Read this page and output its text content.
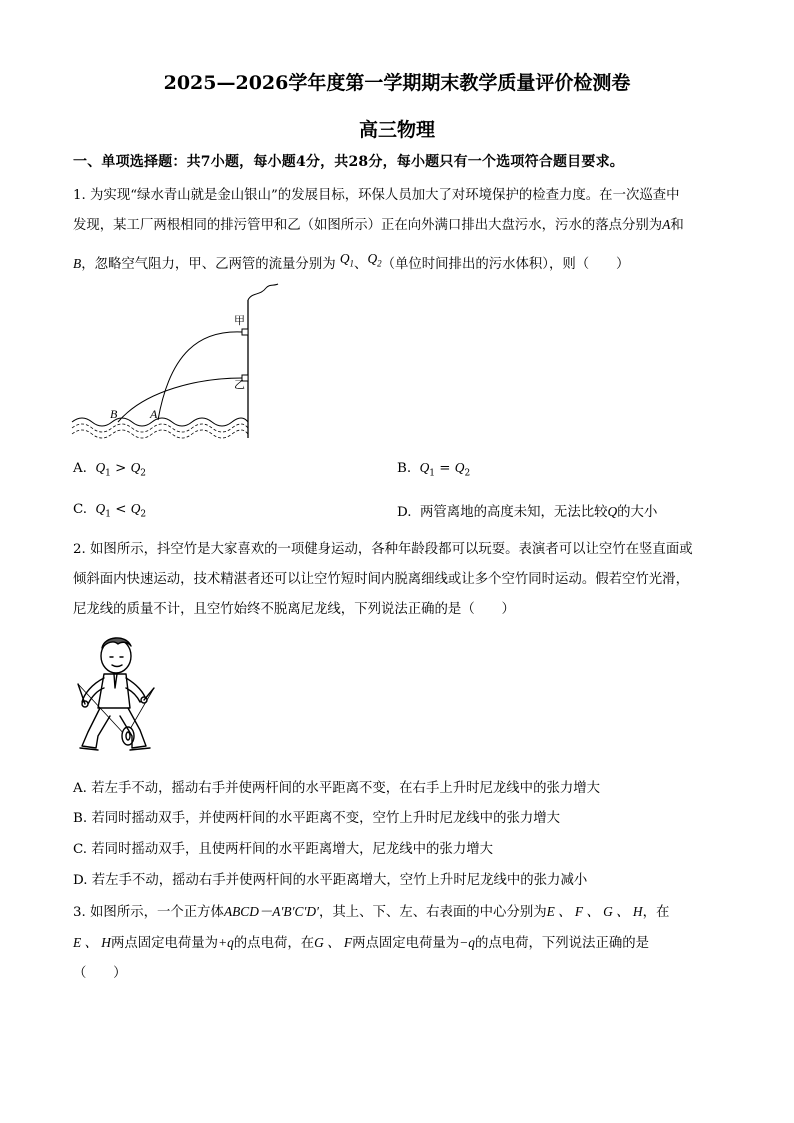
2025—2026学年度第一学期期末教学质量评价检测卷
高三物理
一、单项选择题：共7小题，每小题4分，共28分，每小题只有一个选项符合题目要求。
1. 为实现“绿水青山就是金山银山”的发展目标，环保人员加大了对环境保护的检查力度。在一次巡查中
发现，某工厂两根相同的排污管甲和乙（如图所示）正在向外满口排出大盘污水，污水的落点分别为A和
B，忽略空气阻力，甲、乙两管的流量分别为 $Q_1$、$Q_2$（单位时间排出的污水体积），则（　　）
甲
乙
A
B
A. $Q_1 > Q_2$	B. $Q_1 = Q_2$
C. $Q_1 < Q_2$	D. 两管离地的高度未知，无法比较Q的大小
2. 如图所示，抖空竹是大家喜欢的一项健身运动，各种年龄段都可以玩耍。表演者可以让空竹在竖直面或
倾斜面内快速运动，技术精湛者还可以让空竹短时间内脱离细线或让多个空竹同时运动。假若空竹光滑，
尼龙线的质量不计，且空竹始终不脱离尼龙线，下列说法正确的是（　　）
A. 若左手不动，摇动右手并使两杆间的水平距离不变，在右手上升时尼龙线中的张力增大
B. 若同时摇动双手，并使两杆间的水平距离不变，空竹上升时尼龙线中的张力增大
C. 若同时摇动双手，且使两杆间的水平距离增大，尼龙线中的张力增大
D. 若左手不动，摇动右手并使两杆间的水平距离增大，空竹上升时尼龙线中的张力减小
3. 如图所示，一个正方体ABCD－A′B′C′D′，其上、下、左、右表面的中心分别为E 、 F 、 G 、 H，在
E 、 H两点固定电荷量为+q的点电荷，在G 、 F两点固定电荷量为−q的点电荷，下列说法正确的是
（　　）
